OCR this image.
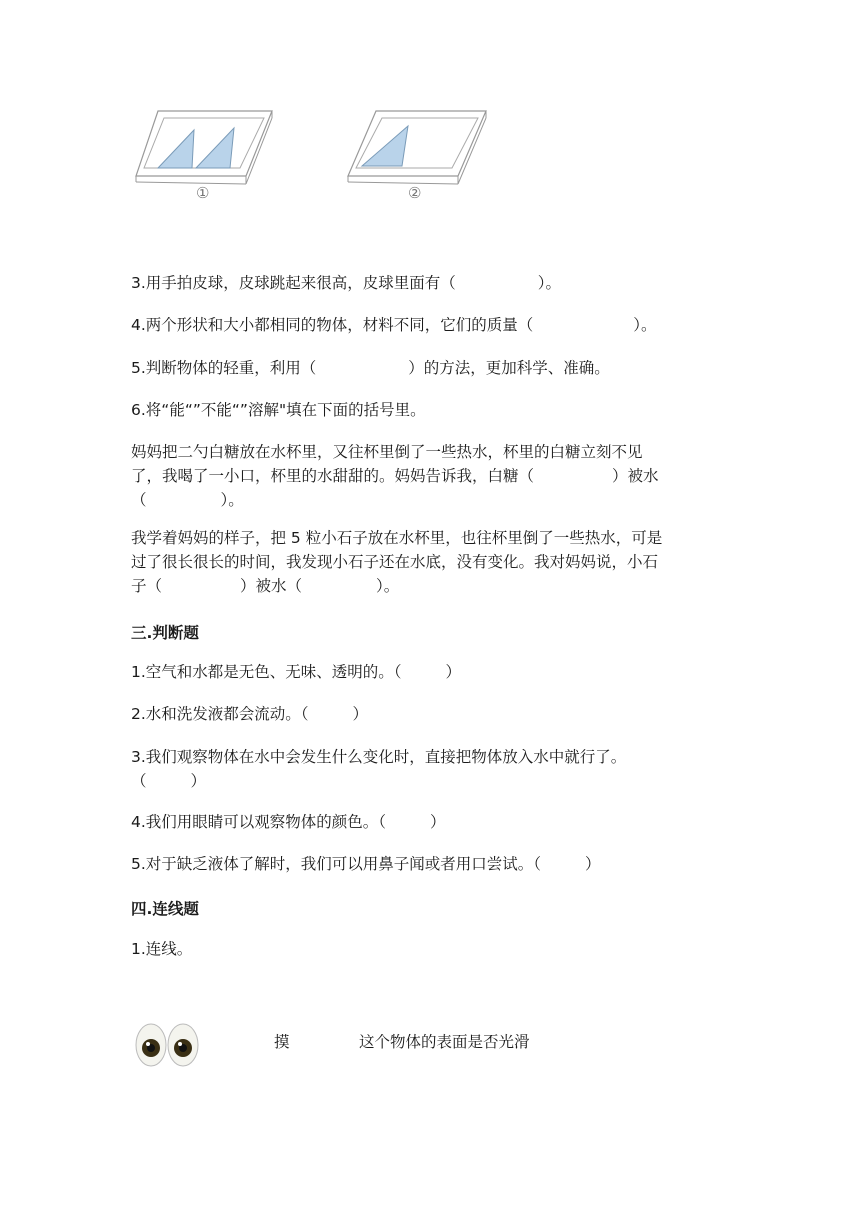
①	②
3.用手拍皮球，皮球跳起来很高，皮球里面有（	）。
4.两个形状和大小都相同的物体，材料不同，它们的质量（	）。
5.判断物体的轻重，利用（	）的方法，更加科学、准确。
6.将“能“”不能“”溶解"填在下面的括号里。
妈妈把二勺白糖放在水杯里，又往杯里倒了一些热水，杯里的白糖立刻不见
了，我喝了一小口，杯里的水甜甜的。妈妈告诉我，白糖（	）被水
（	）。
我学着妈妈的样子，把 5 粒小石子放在水杯里，也往杯里倒了一些热水，可是
过了很长很长的时间，我发现小石子还在水底，没有变化。我对妈妈说，小石
子（	）被水（	）。
三.判断题
1.空气和水都是无色、无味、透明的。（	）
2.水和洗发液都会流动。（	）
3.我们观察物体在水中会发生什么变化时，直接把物体放入水中就行了。
（	）
4.我们用眼睛可以观察物体的颜色。（	）
5.对于缺乏液体了解时，我们可以用鼻子闻或者用口尝试。（	）
四.连线题
1.连线。
摸	这个物体的表面是否光滑
